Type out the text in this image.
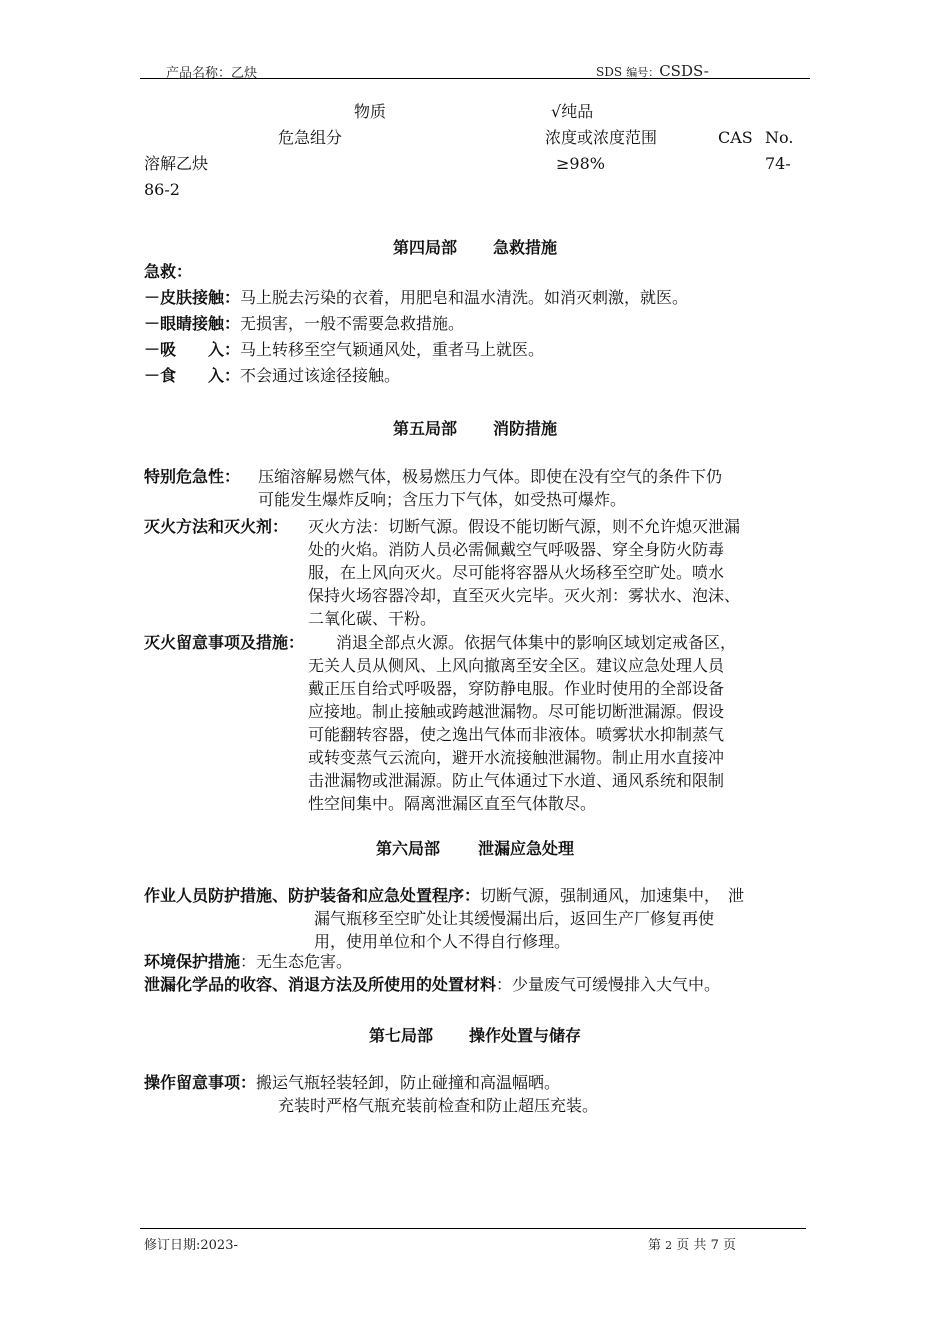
产品名称：乙炔	SDS 编号：CSDS-
物质	√纯品
危急组分	浓度或浓度范围	CAS No.
溶解乙炔	≥98%	74-
86-2
第四局部 急救措施
急救：
－皮肤接触：马上脱去污染的衣着，用肥皂和温水清洗。如消灭刺激，就医。
－眼睛接触：无损害，一般不需要急救措施。
－吸　　入：马上转移至空气颖通风处，重者马上就医。
－食　　入：不会通过该途径接触。
第五局部 消防措施
特别危急性： 压缩溶解易燃气体，极易燃压力气体。即使在没有空气的条件下仍
可能发生爆炸反响；含压力下气体，如受热可爆炸。
灭火方法和灭火剂： 灭火方法：切断气源。假设不能切断气源，则不允许熄灭泄漏
处的火焰。消防人员必需佩戴空气呼吸器、穿全身防火防毒
服，在上风向灭火。尽可能将容器从火场移至空旷处。喷水
保持火场容器冷却，直至灭火完毕。灭火剂：雾状水、泡沫、
二氧化碳、干粉。
灭火留意事项及措施：	消退全部点火源。依据气体集中的影响区域划定戒备区，
无关人员从侧风、上风向撤离至安全区。建议应急处理人员
戴正压自给式呼吸器，穿防静电服。作业时使用的全部设备
应接地。制止接触或跨越泄漏物。尽可能切断泄漏源。假设
可能翻转容器，使之逸出气体而非液体。喷雾状水抑制蒸气
或转变蒸气云流向，避开水流接触泄漏物。制止用水直接冲
击泄漏物或泄漏源。防止气体通过下水道、通风系统和限制
性空间集中。隔离泄漏区直至气体散尽。
第六局部 泄漏应急处理
作业人员防护措施、防护装备和应急处置程序：切断气源，强制通风，加速集中，　泄
漏气瓶移至空旷处让其缓慢漏出后，返回生产厂修复再使
用，使用单位和个人不得自行修理。
环境保护措施：无生态危害。
泄漏化学品的收容、消退方法及所使用的处置材料：少量废气可缓慢排入大气中。
第七局部 操作处置与储存
操作留意事项：搬运气瓶轻装轻卸，防止碰撞和高温幅晒。
充装时严格气瓶充装前检查和防止超压充装。
修订日期:2023-	第 2 页 共 7 页
